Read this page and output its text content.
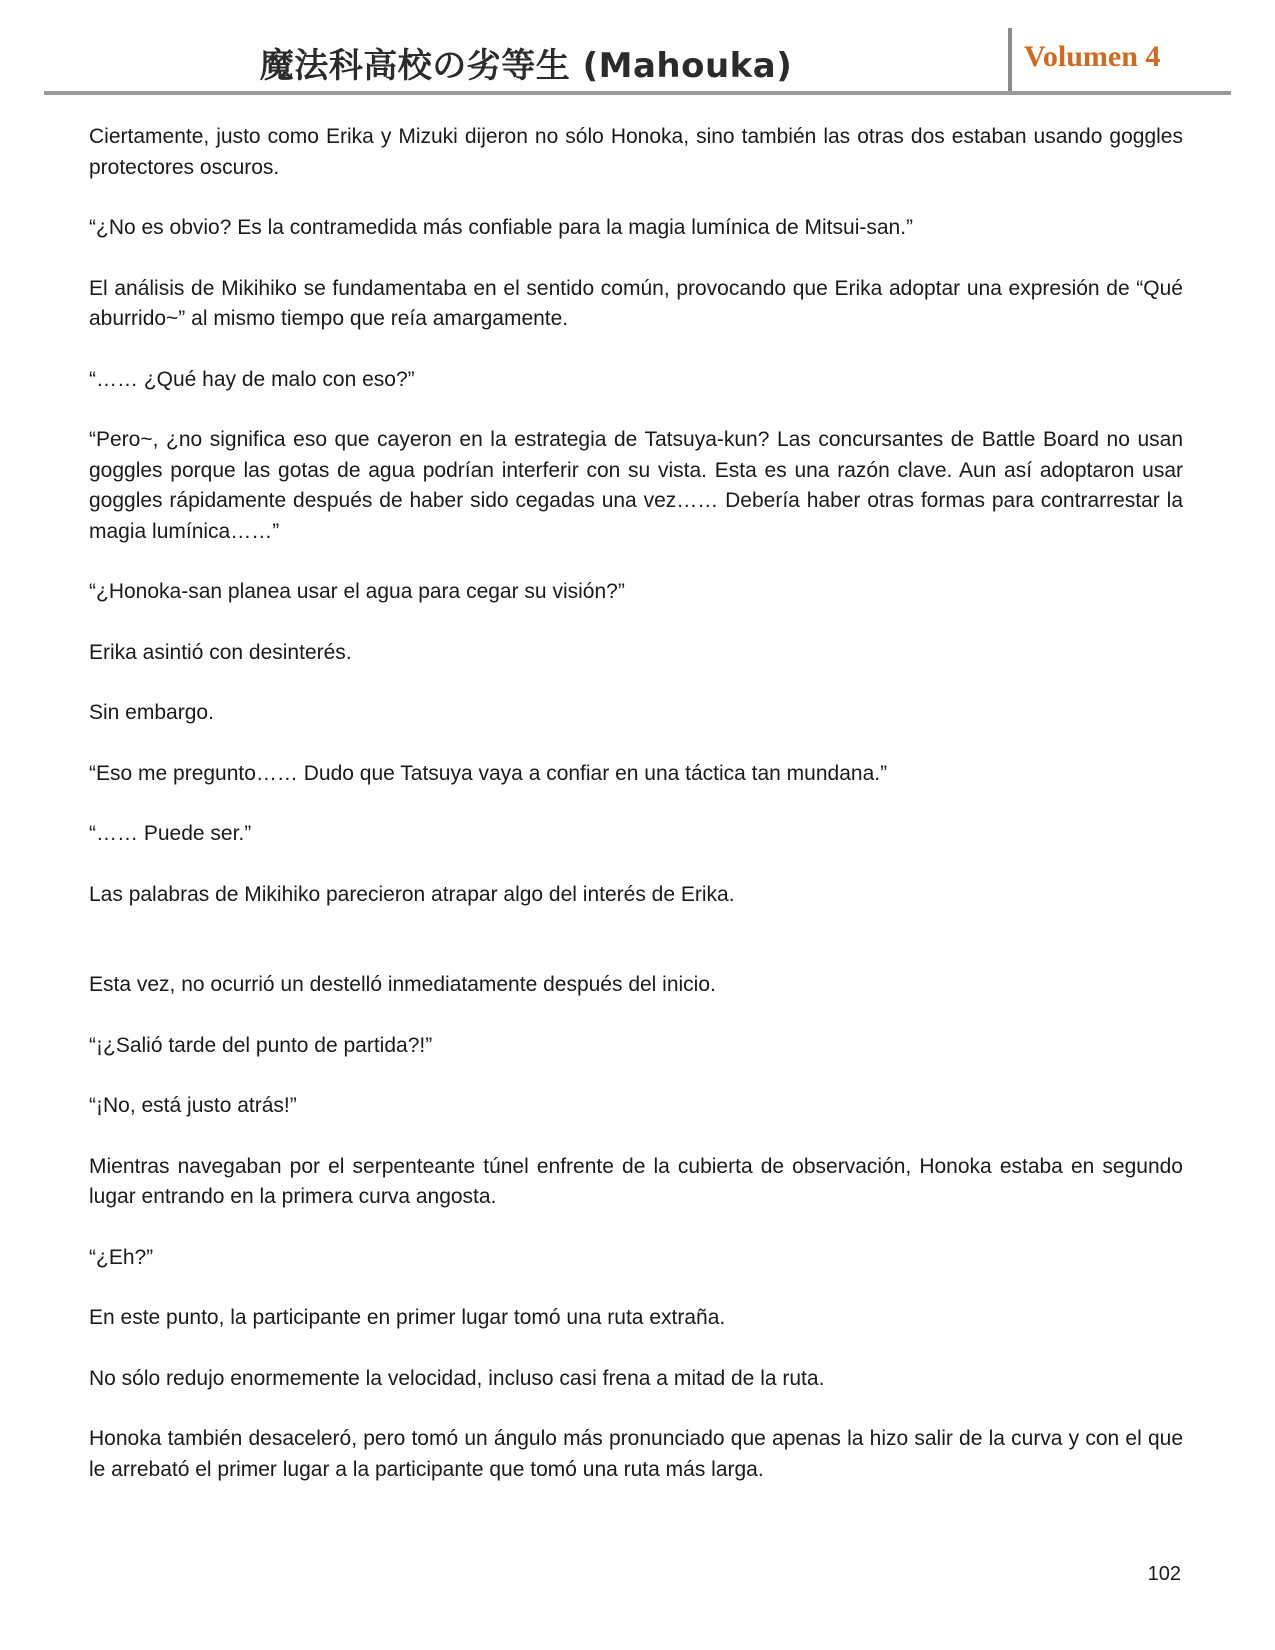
魔法科高校の劣等生 (Mahouka)	Volumen 4

Ciertamente, justo como Erika y Mizuki dijeron no sólo Honoka, sino también las otras dos estaban usando goggles protectores oscuros.

“¿No es obvio? Es la contramedida más confiable para la magia lumínica de Mitsui-san.”

El análisis de Mikihiko se fundamentaba en el sentido común, provocando que Erika adoptar una expresión de “Qué aburrido~” al mismo tiempo que reía amargamente.

“…… ¿Qué hay de malo con eso?”

“Pero~, ¿no significa eso que cayeron en la estrategia de Tatsuya-kun? Las concursantes de Battle Board no usan goggles porque las gotas de agua podrían interferir con su vista. Esta es una razón clave. Aun así adoptaron usar goggles rápidamente después de haber sido cegadas una vez…… Debería haber otras formas para contrarrestar la magia lumínica……”

“¿Honoka-san planea usar el agua para cegar su visión?”

Erika asintió con desinterés.

Sin embargo.

“Eso me pregunto…… Dudo que Tatsuya vaya a confiar en una táctica tan mundana.”

“…… Puede ser.”

Las palabras de Mikihiko parecieron atrapar algo del interés de Erika.

Esta vez, no ocurrió un destelló inmediatamente después del inicio.

“¡¿Salió tarde del punto de partida?!”

“¡No, está justo atrás!”

Mientras navegaban por el serpenteante túnel enfrente de la cubierta de observación, Honoka estaba en segundo lugar entrando en la primera curva angosta.

“¿Eh?”

En este punto, la participante en primer lugar tomó una ruta extraña.

No sólo redujo enormemente la velocidad, incluso casi frena a mitad de la ruta.

Honoka también desaceleró, pero tomó un ángulo más pronunciado que apenas la hizo salir de la curva y con el que le arrebató el primer lugar a la participante que tomó una ruta más larga.

102
